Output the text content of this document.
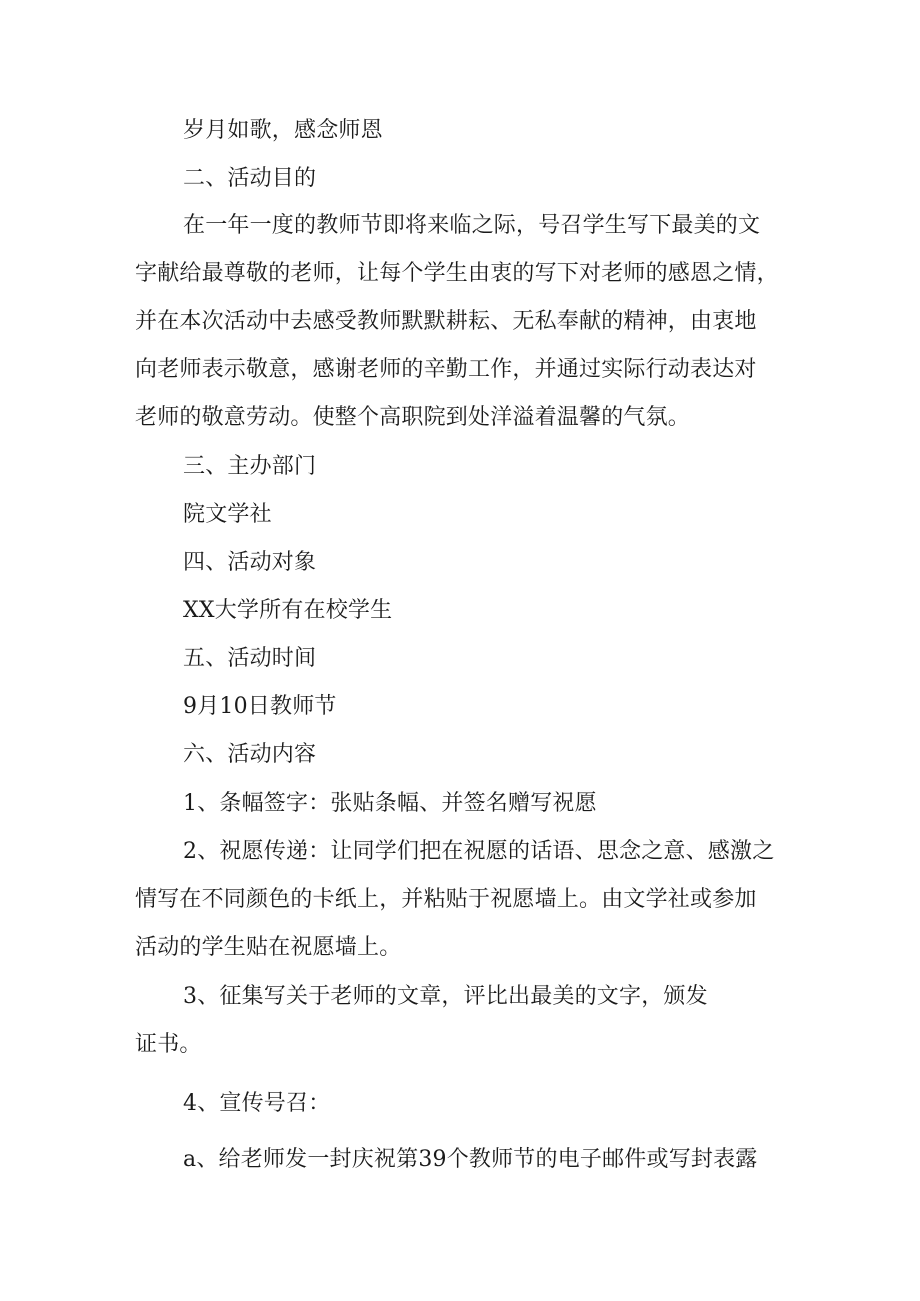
岁月如歌，感念师恩
二、活动目的
在一年一度的教师节即将来临之际，号召学生写下最美的文
字献给最尊敬的老师，让每个学生由衷的写下对老师的感恩之情，
并在本次活动中去感受教师默默耕耘、无私奉献的精神，由衷地
向老师表示敬意，感谢老师的辛勤工作，并通过实际行动表达对
老师的敬意劳动。使整个高职院到处洋溢着温馨的气氛。
三、主办部门
院文学社
四、活动对象
XX大学所有在校学生
五、活动时间
9月10日教师节
六、活动内容
1、条幅签字：张贴条幅、并签名赠写祝愿
2、祝愿传递：让同学们把在祝愿的话语、思念之意、感激之
情写在不同颜色的卡纸上，并粘贴于祝愿墙上。由文学社或参加
活动的学生贴在祝愿墙上。
3、征集写关于老师的文章，评比出最美的文字，颁发
证书。
4、宣传号召：
a、给老师发一封庆祝第39个教师节的电子邮件或写封表露
